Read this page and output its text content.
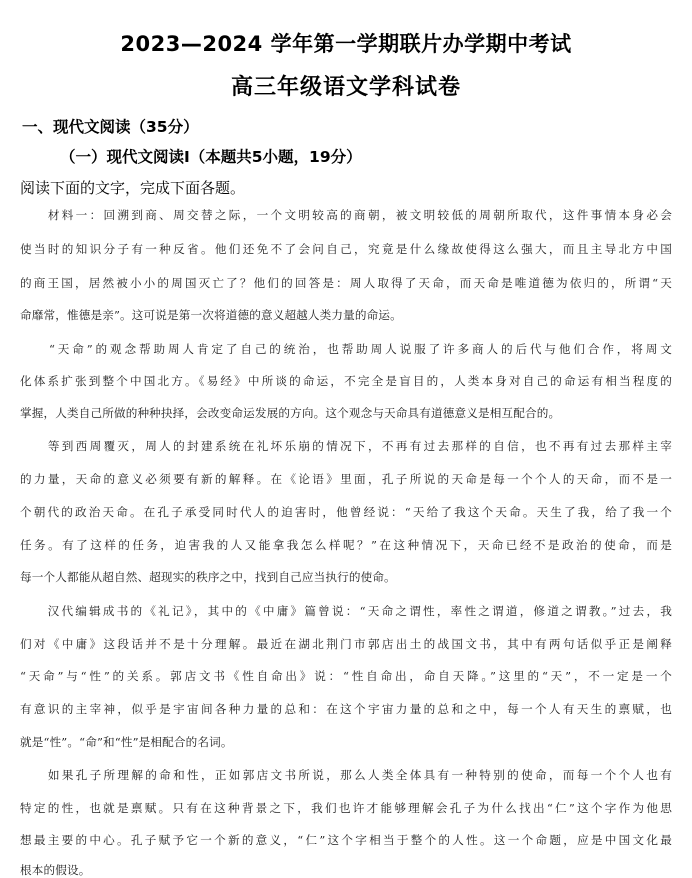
2023—2024 学年第一学期联片办学期中考试
高三年级语文学科试卷
一、现代文阅读（35分）
（一）现代文阅读Ⅰ（本题共5小题，19分）
阅读下面的文字，完成下面各题。
　　材料一：回溯到商、周交替之际，一个文明较高的商朝，被文明较低的周朝所取代，这件事情本身必会
使当时的知识分子有一种反省。他们还免不了会问自己，究竟是什么缘故使得这么强大，而且主导北方中国
的商王国，居然被小小的周国灭亡了？他们的回答是：周人取得了天命，而天命是唯道德为依归的，所谓“天
命靡常，惟德是亲”。这可说是第一次将道德的意义超越人类力量的命运。
　　“天命”的观念帮助周人肯定了自己的统治，也帮助周人说服了许多商人的后代与他们合作，将周文
化体系扩张到整个中国北方。《易经》中所谈的命运，不完全是盲目的，人类本身对自己的命运有相当程度的
掌握，人类自己所做的种种抉择，会改变命运发展的方向。这个观念与天命具有道德意义是相互配合的。
　　等到西周覆灭，周人的封建系统在礼坏乐崩的情况下，不再有过去那样的自信，也不再有过去那样主宰
的力量，天命的意义必须要有新的解释。在《论语》里面，孔子所说的天命是每一个个人的天命，而不是一
个朝代的政治天命。在孔子承受同时代人的迫害时，他曾经说：“天给了我这个天命。天生了我，给了我一个
任务。有了这样的任务，迫害我的人又能拿我怎么样呢？”在这种情况下，天命已经不是政治的使命，而是
每一个人都能从超自然、超现实的秩序之中，找到自己应当执行的使命。
　　汉代编辑成书的《礼记》，其中的《中庸》篇曾说：“天命之谓性，率性之谓道，修道之谓教。”过去，我
们对《中庸》这段话并不是十分理解。最近在湖北荆门市郭店出土的战国文书，其中有两句话似乎正是阐释
“天命”与“性”的关系。郭店文书《性自命出》说：“性自命出，命自天降。”这里的“天”，不一定是一个
有意识的主宰神，似乎是宇宙间各种力量的总和：在这个宇宙力量的总和之中，每一个人有天生的禀赋，也
就是“性”。“命”和“性”是相配合的名词。
　　如果孔子所理解的命和性，正如郭店文书所说，那么人类全体具有一种特别的使命，而每一个个人也有
特定的性，也就是禀赋。只有在这种背景之下，我们也许才能够理解会孔子为什么找出“仁”这个字作为他思
想最主要的中心。孔子赋予它一个新的意义，“仁”这个字相当于整个的人性。这一个命题，应是中国文化最
根本的假设。
